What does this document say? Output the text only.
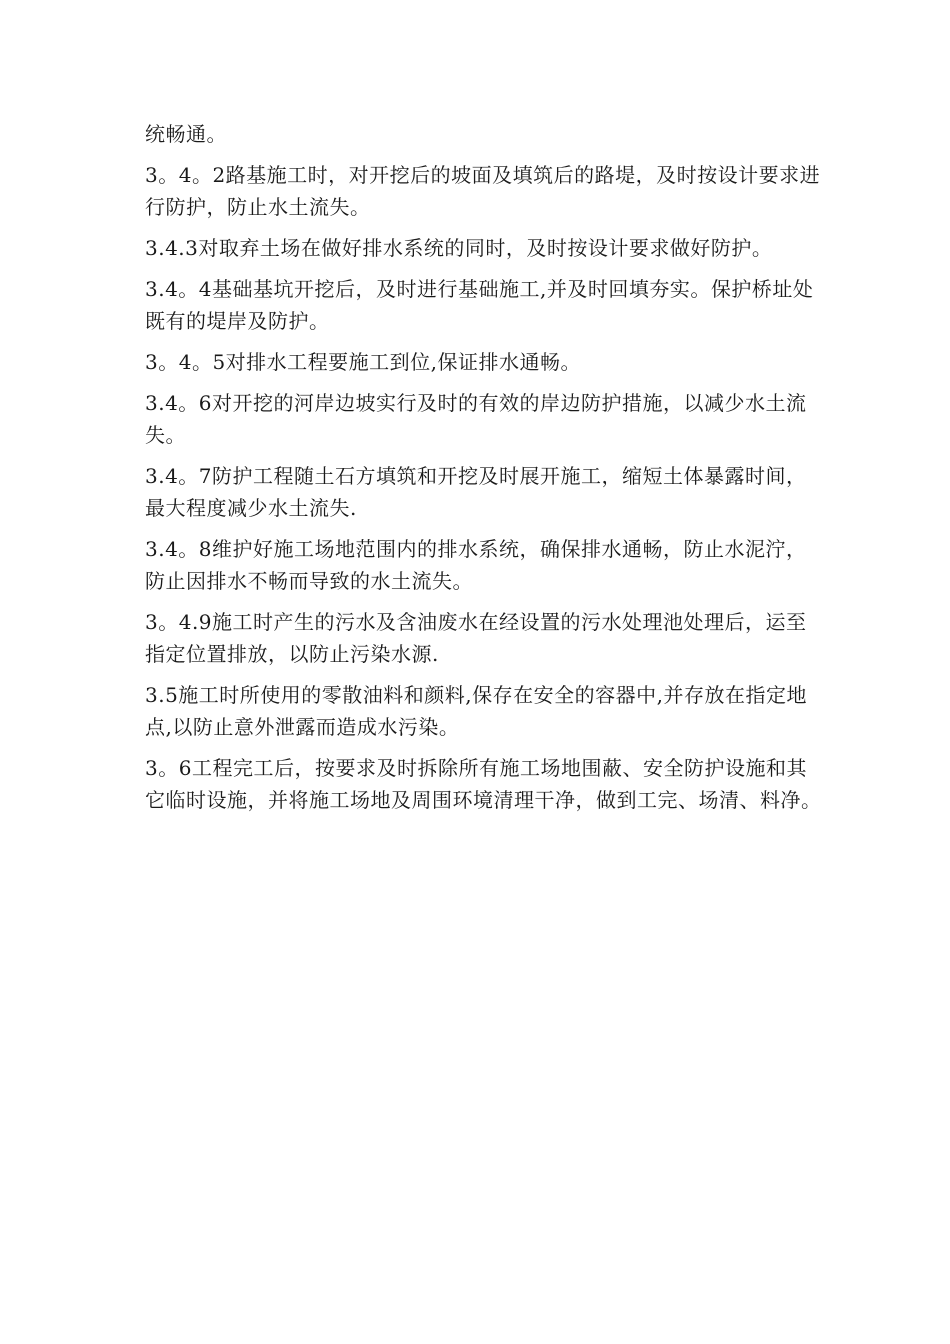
统畅通。

3。4。2路基施工时，对开挖后的坡面及填筑后的路堤，及时按设计要求进行防护，防止水土流失。

3.4.3对取弃土场在做好排水系统的同时，及时按设计要求做好防护。

3.4。4基础基坑开挖后，及时进行基础施工,并及时回填夯实。保护桥址处既有的堤岸及防护。

3。4。5对排水工程要施工到位,保证排水通畅。

3.4。6对开挖的河岸边坡实行及时的有效的岸边防护措施，以减少水土流失。

3.4。7防护工程随土石方填筑和开挖及时展开施工，缩短土体暴露时间，最大程度减少水土流失.

3.4。8维护好施工场地范围内的排水系统，确保排水通畅，防止水泥泞，防止因排水不畅而导致的水土流失。

3。4.9施工时产生的污水及含油废水在经设置的污水处理池处理后，运至指定位置排放，以防止污染水源.

3.5施工时所使用的零散油料和颜料,保存在安全的容器中,并存放在指定地点,以防止意外泄露而造成水污染。

3。6工程完工后，按要求及时拆除所有施工场地围蔽、安全防护设施和其它临时设施，并将施工场地及周围环境清理干净，做到工完、场清、料净。
